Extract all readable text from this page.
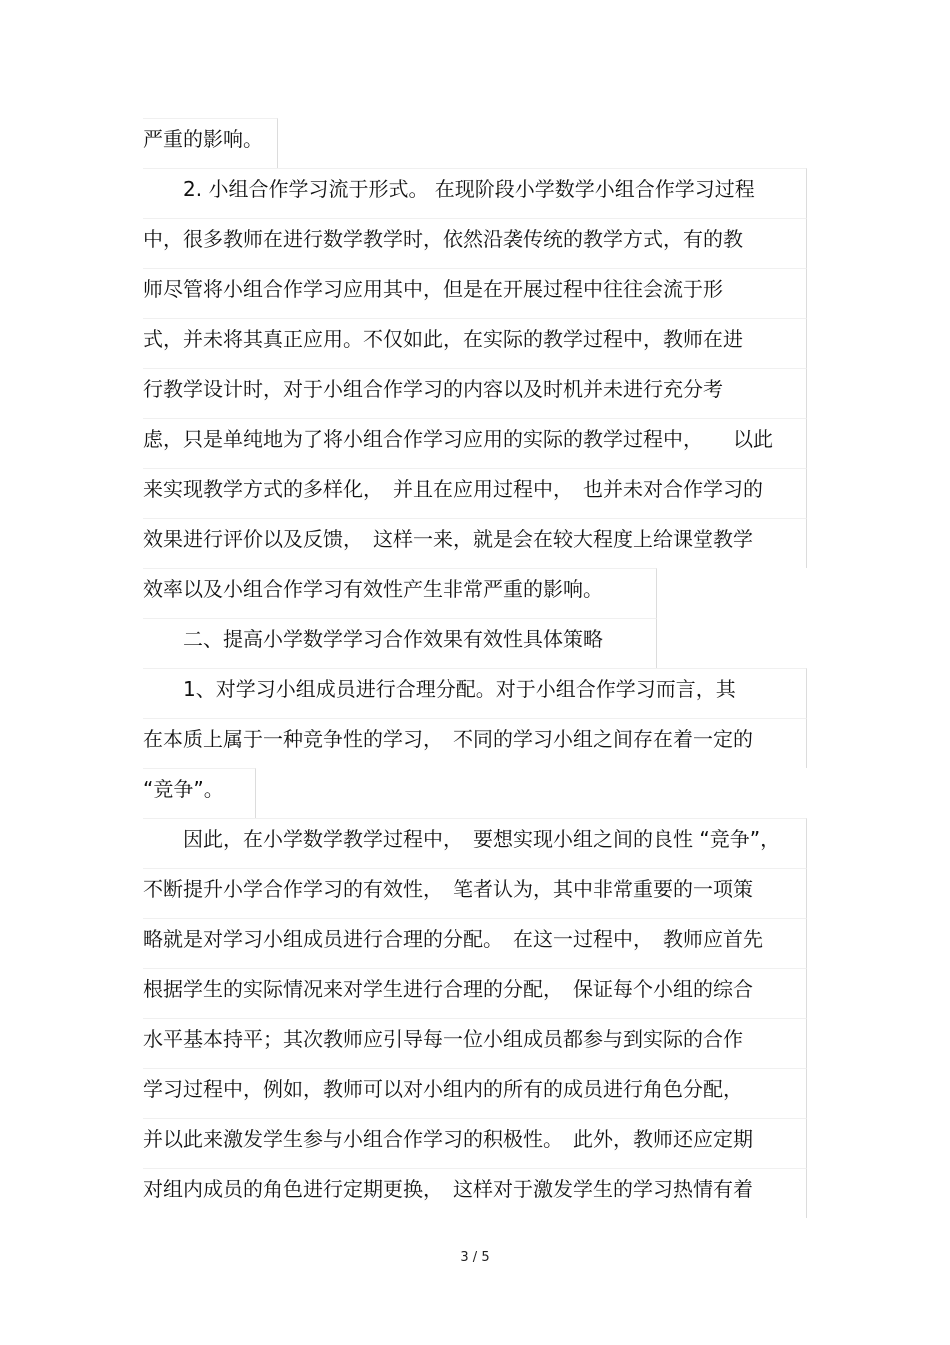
严重的影响。
　　2. 小组合作学习流于形式。 在现阶段小学数学小组合作学习过程
中，很多教师在进行数学教学时，依然沿袭传统的教学方式，有的教
师尽管将小组合作学习应用其中，但是在开展过程中往往会流于形
式，并未将其真正应用。不仅如此，在实际的教学过程中，教师在进
行教学设计时，对于小组合作学习的内容以及时机并未进行充分考
虑，只是单纯地为了将小组合作学习应用的实际的教学过程中，　　以此
来实现教学方式的多样化，　并且在应用过程中，　也并未对合作学习的
效果进行评价以及反馈，　这样一来，就是会在较大程度上给课堂教学
效率以及小组合作学习有效性产生非常严重的影响。
　　二、提高小学数学学习合作效果有效性具体策略
　　1、对学习小组成员进行合理分配。对于小组合作学习而言，其
在本质上属于一种竞争性的学习，　不同的学习小组之间存在着一定的
“竞争”。
　　因此，在小学数学教学过程中，　要想实现小组之间的良性 “竞争”，
不断提升小学合作学习的有效性，　笔者认为，其中非常重要的一项策
略就是对学习小组成员进行合理的分配。　在这一过程中，　教师应首先
根据学生的实际情况来对学生进行合理的分配，　保证每个小组的综合
水平基本持平；其次教师应引导每一位小组成员都参与到实际的合作
学习过程中，例如，教师可以对小组内的所有的成员进行角色分配，
并以此来激发学生参与小组合作学习的积极性。　此外，教师还应定期
对组内成员的角色进行定期更换，　这样对于激发学生的学习热情有着
3 / 5
